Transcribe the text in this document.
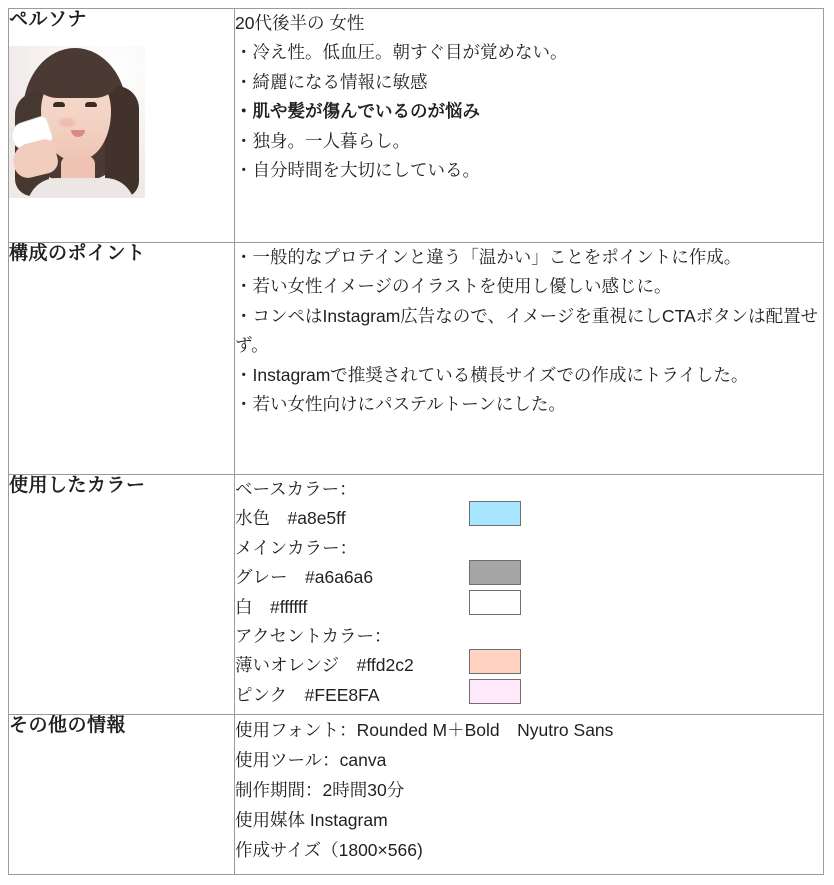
ペルソナ	20代後半の 女性
・冷え性。低血圧。朝すぐ目が覚めない。
・綺麗になる情報に敏感
・肌や髪が傷んでいるのが悩み
・独身。一人暮らし。
・自分時間を大切にしている。

構成のポイント	・一般的なプロテインと違う「温かい」ことをポイントに作成。
・若い女性イメージのイラストを使用し優しい感じに。
・コンペはInstagram広告なので、イメージを重視にしCTAボタンは配置せず。
・Instagramで推奨されている横長サイズでの作成にトライした。
・若い女性向けにパステルトーンにした。

使用したカラー	ベースカラー：
水色　#a8e5ff
メインカラー：
グレー　#a6a6a6
白　#ffffff
アクセントカラー：
薄いオレンジ　#ffd2c2
ピンク　#FEE8FA

その他の情報	使用フォント：Rounded M＋Bold　Nyutro Sans
使用ツール：canva
制作期間：2時間30分
使用媒体 Instagram
作成サイズ（1800×566)
